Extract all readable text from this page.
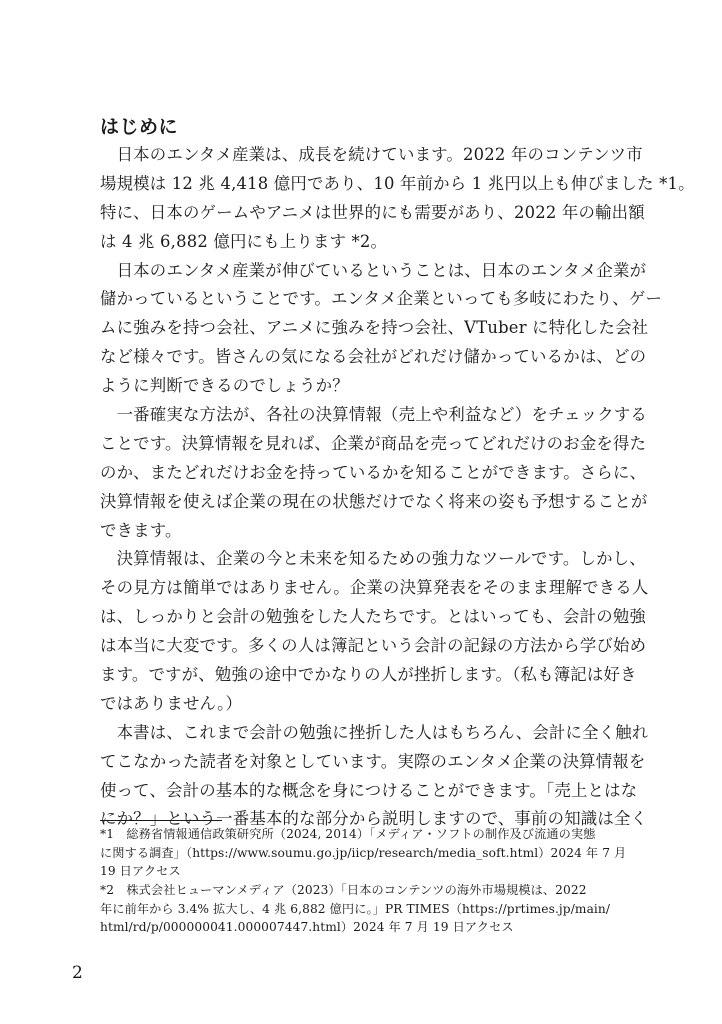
はじめに
　日本のエンタメ産業は、成長を続けています。2022 年のコンテンツ市
場規模は 12 兆 4,418 億円であり、10 年前から 1 兆円以上も伸びました *1。
特に、日本のゲームやアニメは世界的にも需要があり、2022 年の輸出額
は 4 兆 6,882 億円にも上ります *2。
　日本のエンタメ産業が伸びているということは、日本のエンタメ企業が
儲かっているということです。エンタメ企業といっても多岐にわたり、ゲー
ムに強みを持つ会社、アニメに強みを持つ会社、VTuber に特化した会社
など様々です。皆さんの気になる会社がどれだけ儲かっているかは、どの
ように判断できるのでしょうか？
　一番確実な方法が、各社の決算情報（売上や利益など）をチェックする
ことです。決算情報を見れば、企業が商品を売ってどれだけのお金を得た
のか、またどれだけお金を持っているかを知ることができます。さらに、
決算情報を使えば企業の現在の状態だけでなく将来の姿も予想することが
できます。
　決算情報は、企業の今と未来を知るための強力なツールです。しかし、
その見方は簡単ではありません。企業の決算発表をそのまま理解できる人
は、しっかりと会計の勉強をした人たちです。とはいっても、会計の勉強
は本当に大変です。多くの人は簿記という会計の記録の方法から学び始め
ます。ですが、勉強の途中でかなりの人が挫折します。（私も簿記は好き
ではありません。）
　本書は、これまで会計の勉強に挫折した人はもちろん、会計に全く触れ
てこなかった読者を対象としています。実際のエンタメ企業の決算情報を
使って、会計の基本的な概念を身につけることができます。「売上とはな
にか？」という一番基本的な部分から説明しますので、事前の知識は全く
*1　総務省情報通信政策研究所（2024, 2014）「メディア・ソフトの制作及び流通の実態
に関する調査」（https://www.soumu.go.jp/iicp/research/media_soft.html）2024 年 7 月
19 日アクセス
*2　株式会社ヒューマンメディア（2023）「日本のコンテンツの海外市場規模は、2022
年に前年から 3.4% 拡大し、4 兆 6,882 億円に。」PR TIMES（https://prtimes.jp/main/
html/rd/p/000000041.000007447.html）2024 年 7 月 19 日アクセス
2
